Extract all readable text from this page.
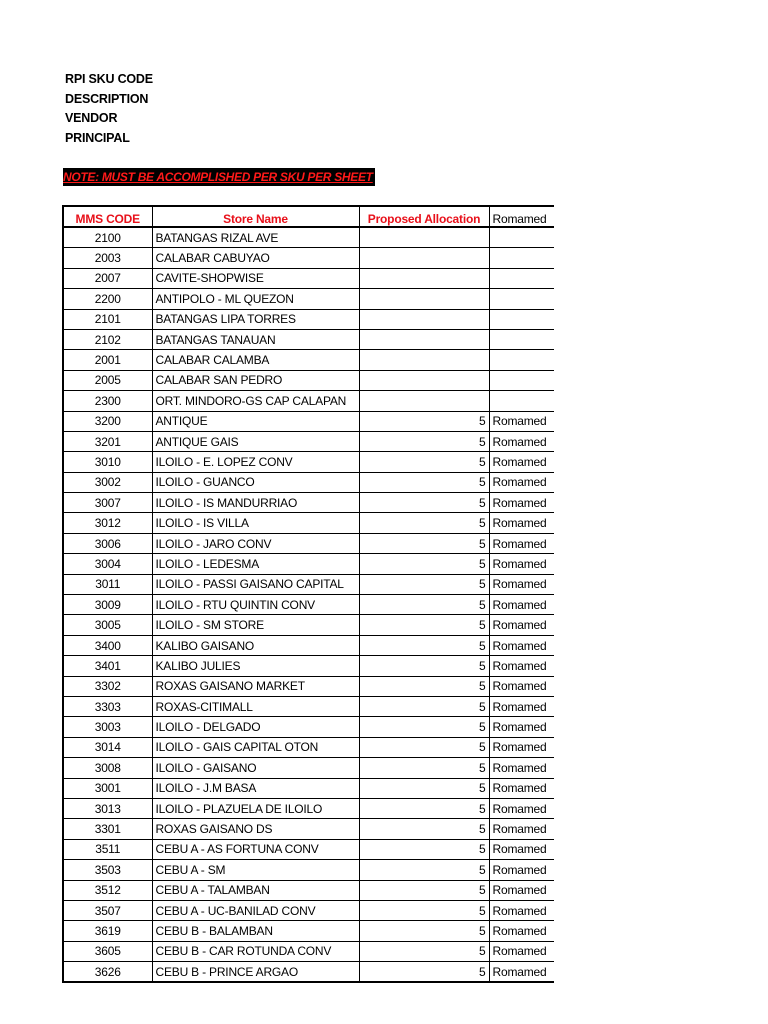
RPI SKU CODE
DESCRIPTION
VENDOR
PRINCIPAL
NOTE: MUST BE ACCOMPLISHED PER SKU PER SHEET
MMS CODE	Store Name	Proposed Allocation	Romamed
2100	BATANGAS RIZAL AVE		
2003	CALABAR CABUYAO		
2007	CAVITE-SHOPWISE		
2200	ANTIPOLO - ML QUEZON		
2101	BATANGAS LIPA TORRES		
2102	BATANGAS TANAUAN		
2001	CALABAR CALAMBA		
2005	CALABAR SAN PEDRO		
2300	ORT. MINDORO-GS CAP CALAPAN		
3200	ANTIQUE	5	Romamed
3201	ANTIQUE GAIS	5	Romamed
3010	ILOILO - E. LOPEZ CONV	5	Romamed
3002	ILOILO - GUANCO	5	Romamed
3007	ILOILO - IS MANDURRIAO	5	Romamed
3012	ILOILO - IS VILLA	5	Romamed
3006	ILOILO - JARO CONV	5	Romamed
3004	ILOILO - LEDESMA	5	Romamed
3011	ILOILO - PASSI GAISANO CAPITAL	5	Romamed
3009	ILOILO - RTU QUINTIN CONV	5	Romamed
3005	ILOILO - SM STORE	5	Romamed
3400	KALIBO GAISANO	5	Romamed
3401	KALIBO JULIES	5	Romamed
3302	ROXAS GAISANO MARKET	5	Romamed
3303	ROXAS-CITIMALL	5	Romamed
3003	ILOILO - DELGADO	5	Romamed
3014	ILOILO - GAIS CAPITAL OTON	5	Romamed
3008	ILOILO - GAISANO	5	Romamed
3001	ILOILO - J.M BASA	5	Romamed
3013	ILOILO - PLAZUELA DE ILOILO	5	Romamed
3301	ROXAS GAISANO DS	5	Romamed
3511	CEBU A - AS FORTUNA CONV	5	Romamed
3503	CEBU A - SM	5	Romamed
3512	CEBU A - TALAMBAN	5	Romamed
3507	CEBU A - UC-BANILAD CONV	5	Romamed
3619	CEBU B - BALAMBAN	5	Romamed
3605	CEBU B - CAR ROTUNDA CONV	5	Romamed
3626	CEBU B - PRINCE ARGAO	5	Romamed
